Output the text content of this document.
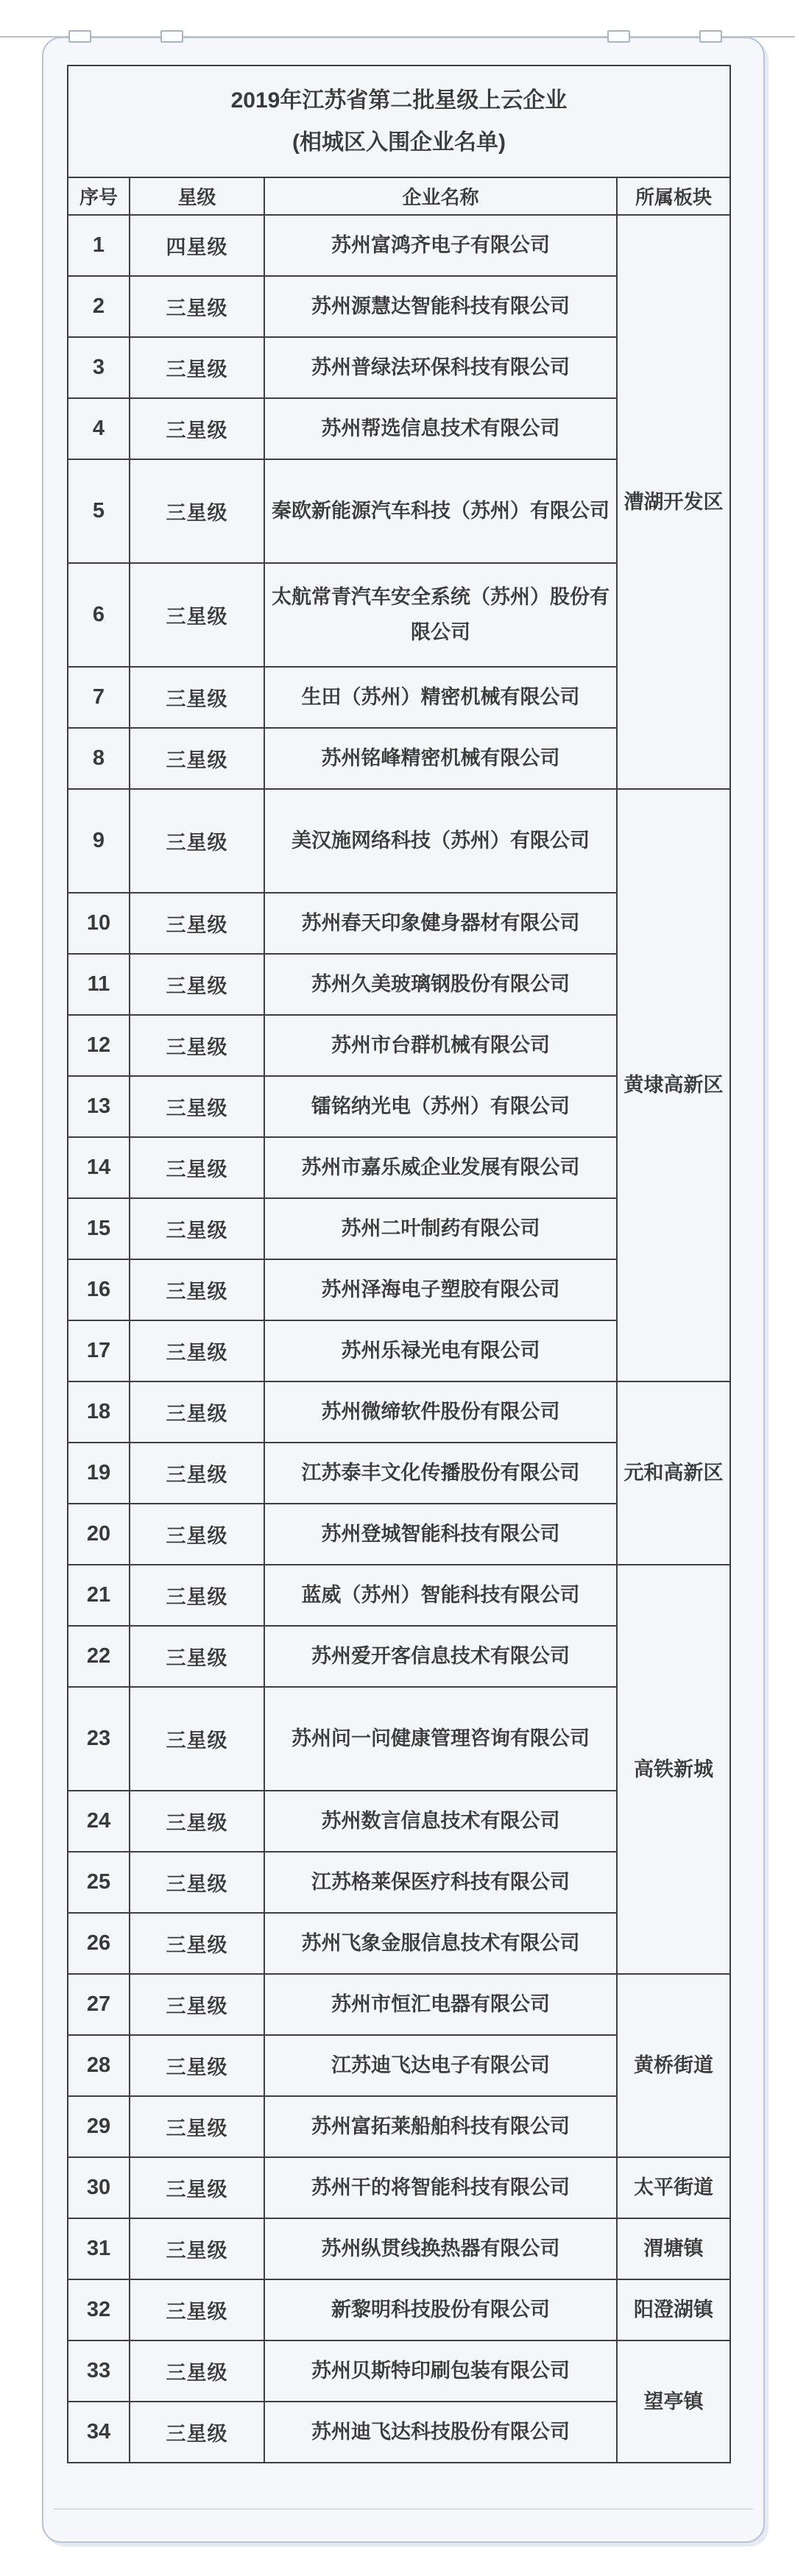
2019年江苏省第二批星级上云企业
(相城区入围企业名单)			

序号	星级	企业名称	所属板块
1	四星级	苏州富鸿齐电子有限公司	漕湖开发区
2	三星级	苏州源慧达智能科技有限公司	
3	三星级	苏州普绿法环保科技有限公司	
4	三星级	苏州帮选信息技术有限公司	
5	三星级	秦欧新能源汽车科技（苏州）有限公司	
6	三星级	太航常青汽车安全系统（苏州）股份有限公司	
7	三星级	生田（苏州）精密机械有限公司	
8	三星级	苏州铭峰精密机械有限公司	
9	三星级	美汉施网络科技（苏州）有限公司	黄埭高新区
10	三星级	苏州春天印象健身器材有限公司	
11	三星级	苏州久美玻璃钢股份有限公司	
12	三星级	苏州市台群机械有限公司	
13	三星级	镭铭纳光电（苏州）有限公司	
14	三星级	苏州市嘉乐威企业发展有限公司	
15	三星级	苏州二叶制药有限公司	
16	三星级	苏州泽海电子塑胶有限公司	
17	三星级	苏州乐禄光电有限公司	
18	三星级	苏州微缔软件股份有限公司	元和高新区
19	三星级	江苏泰丰文化传播股份有限公司	
20	三星级	苏州登城智能科技有限公司	
21	三星级	蓝威（苏州）智能科技有限公司	高铁新城
22	三星级	苏州爱开客信息技术有限公司	
23	三星级	苏州问一问健康管理咨询有限公司	
24	三星级	苏州数言信息技术有限公司	
25	三星级	江苏格莱保医疗科技有限公司	
26	三星级	苏州飞象金服信息技术有限公司	
27	三星级	苏州市恒汇电器有限公司	黄桥街道
28	三星级	江苏迪飞达电子有限公司	
29	三星级	苏州富拓莱船舶科技有限公司	
30	三星级	苏州干的将智能科技有限公司	太平街道
31	三星级	苏州纵贯线换热器有限公司	渭塘镇
32	三星级	新黎明科技股份有限公司	阳澄湖镇
33	三星级	苏州贝斯特印刷包装有限公司	望亭镇
34	三星级	苏州迪飞达科技股份有限公司	
